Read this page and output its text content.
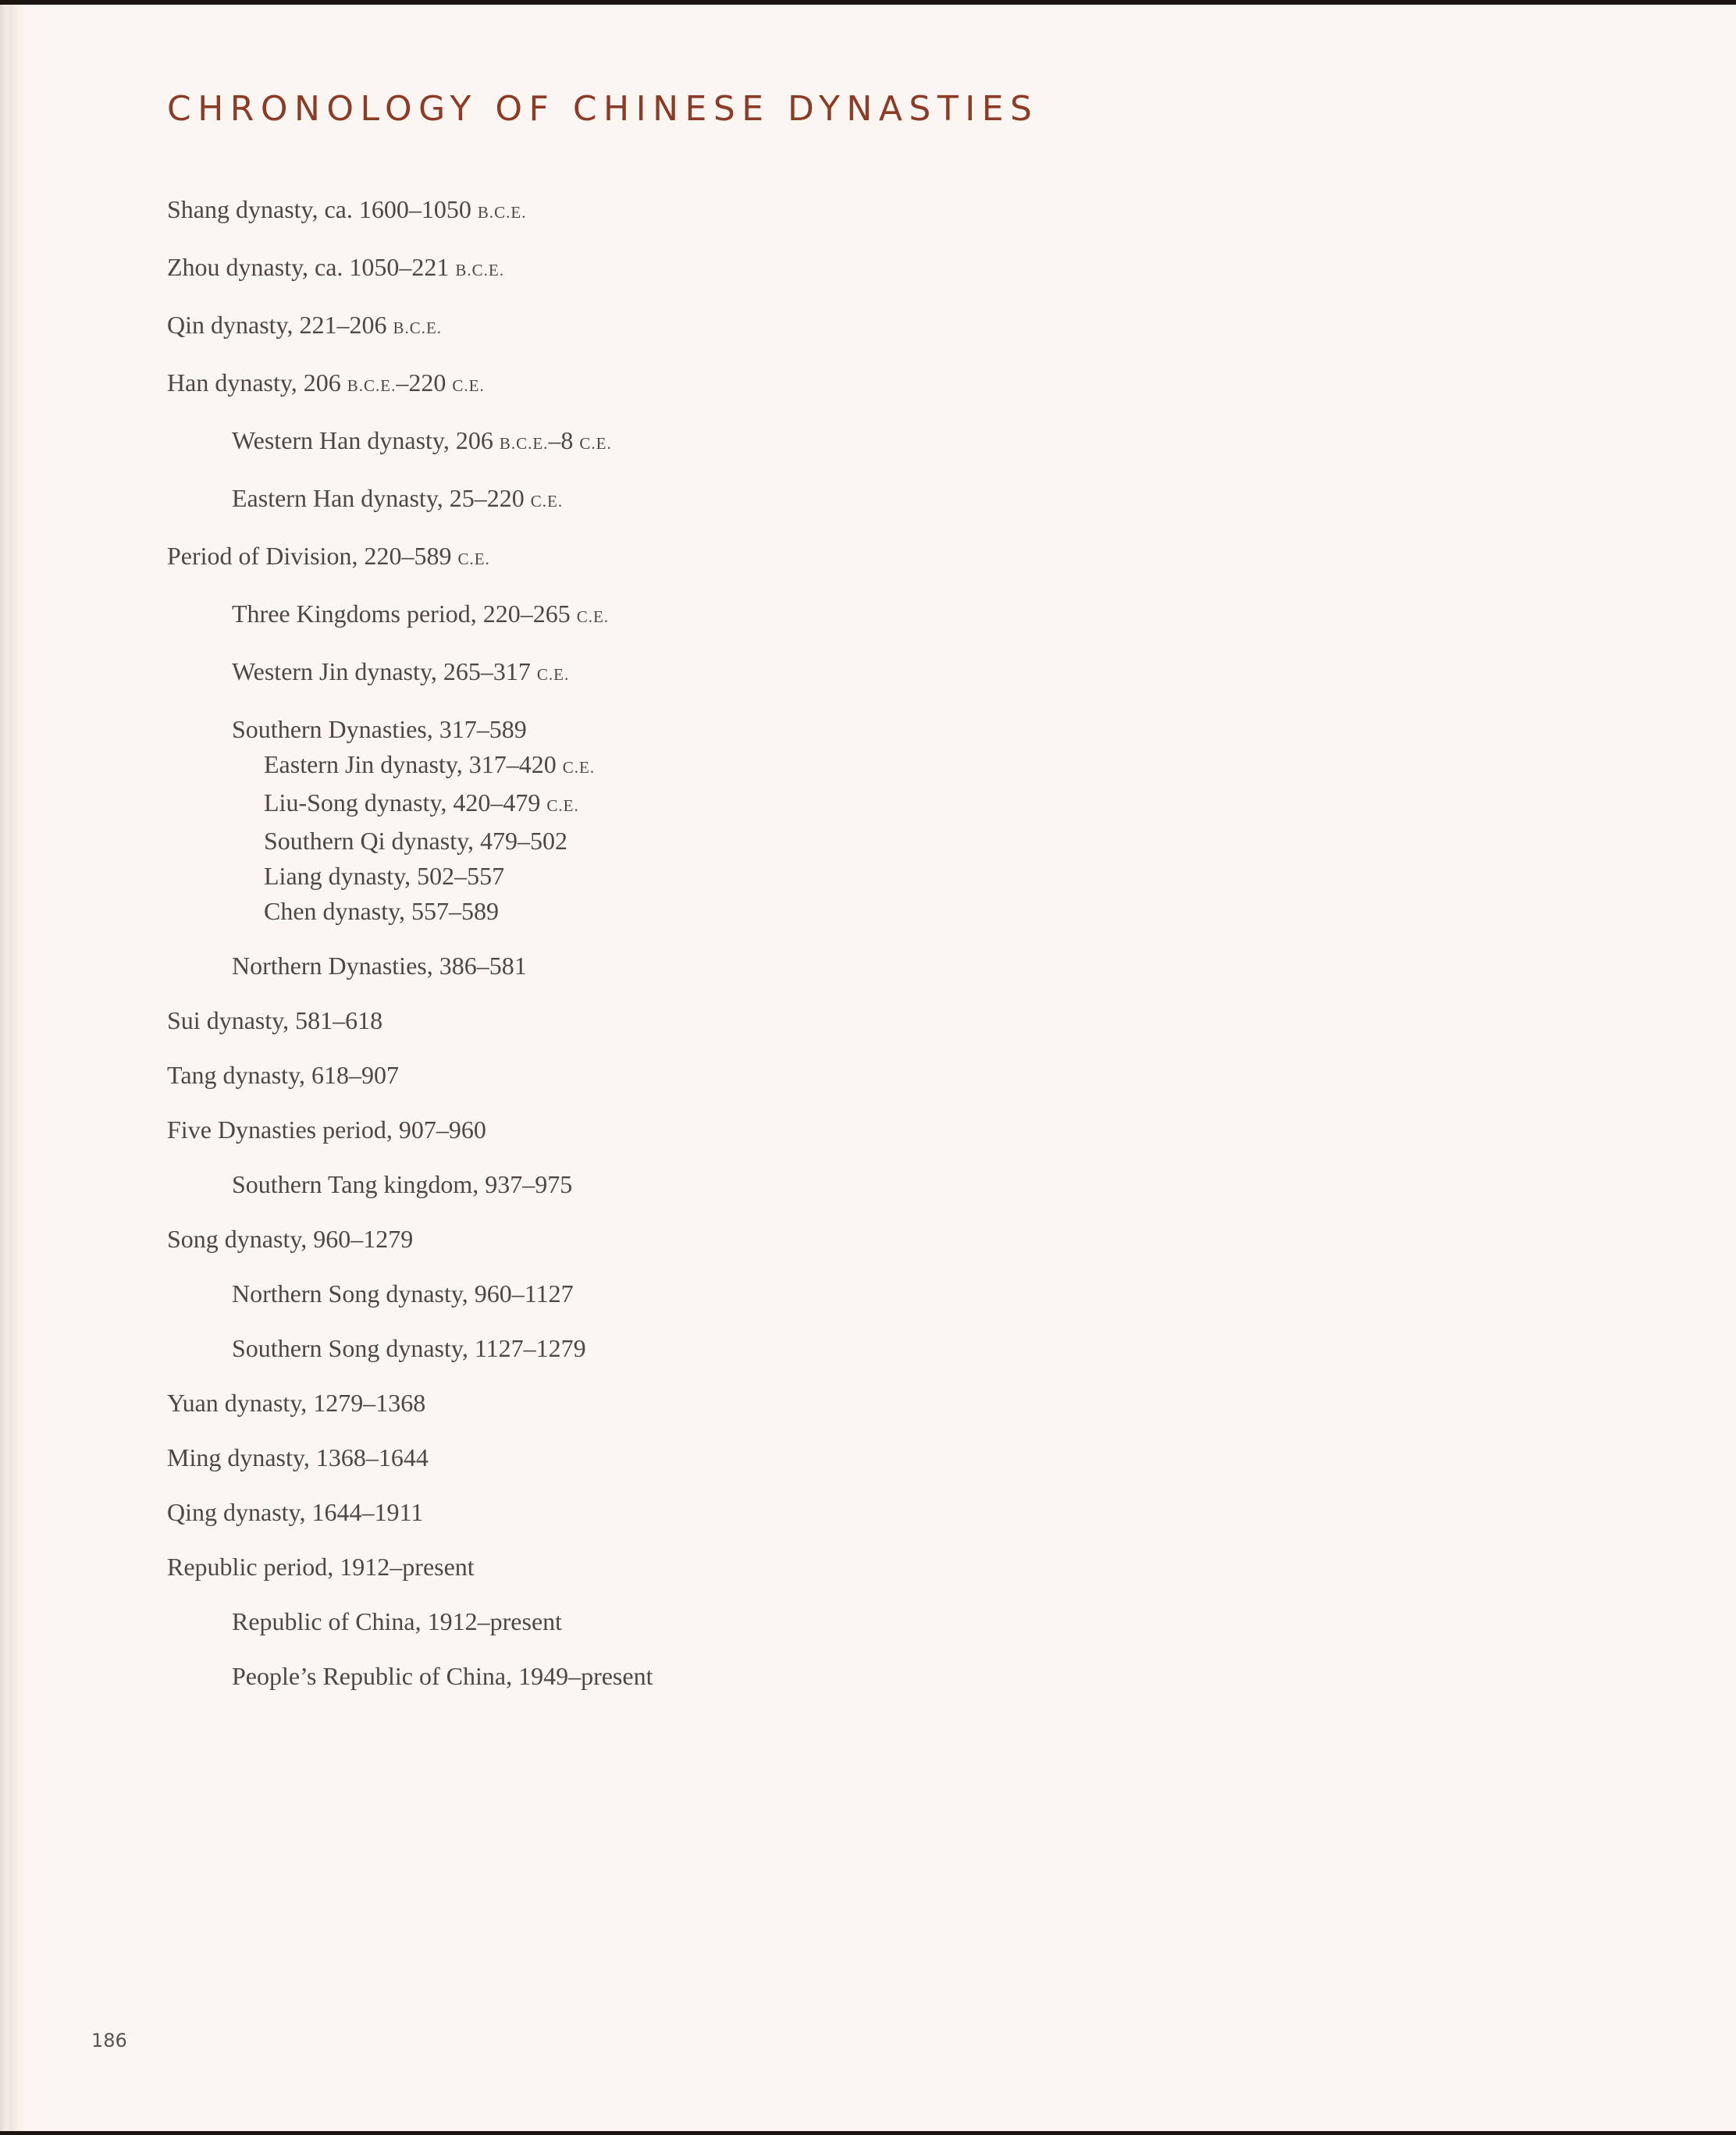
CHRONOLOGY OF CHINESE DYNASTIES
Shang dynasty, ca. 1600–1050 B.C.E.
Zhou dynasty, ca. 1050–221 B.C.E.
Qin dynasty, 221–206 B.C.E.
Han dynasty, 206 B.C.E.–220 C.E.
Western Han dynasty, 206 B.C.E.–8 C.E.
Eastern Han dynasty, 25–220 C.E.
Period of Division, 220–589 C.E.
Three Kingdoms period, 220–265 C.E.
Western Jin dynasty, 265–317 C.E.
Southern Dynasties, 317–589
Eastern Jin dynasty, 317–420 C.E.
Liu-Song dynasty, 420–479 C.E.
Southern Qi dynasty, 479–502
Liang dynasty, 502–557
Chen dynasty, 557–589
Northern Dynasties, 386–581
Sui dynasty, 581–618
Tang dynasty, 618–907
Five Dynasties period, 907–960
Southern Tang kingdom, 937–975
Song dynasty, 960–1279
Northern Song dynasty, 960–1127
Southern Song dynasty, 1127–1279
Yuan dynasty, 1279–1368
Ming dynasty, 1368–1644
Qing dynasty, 1644–1911
Republic period, 1912–present
Republic of China, 1912–present
People’s Republic of China, 1949–present
186
